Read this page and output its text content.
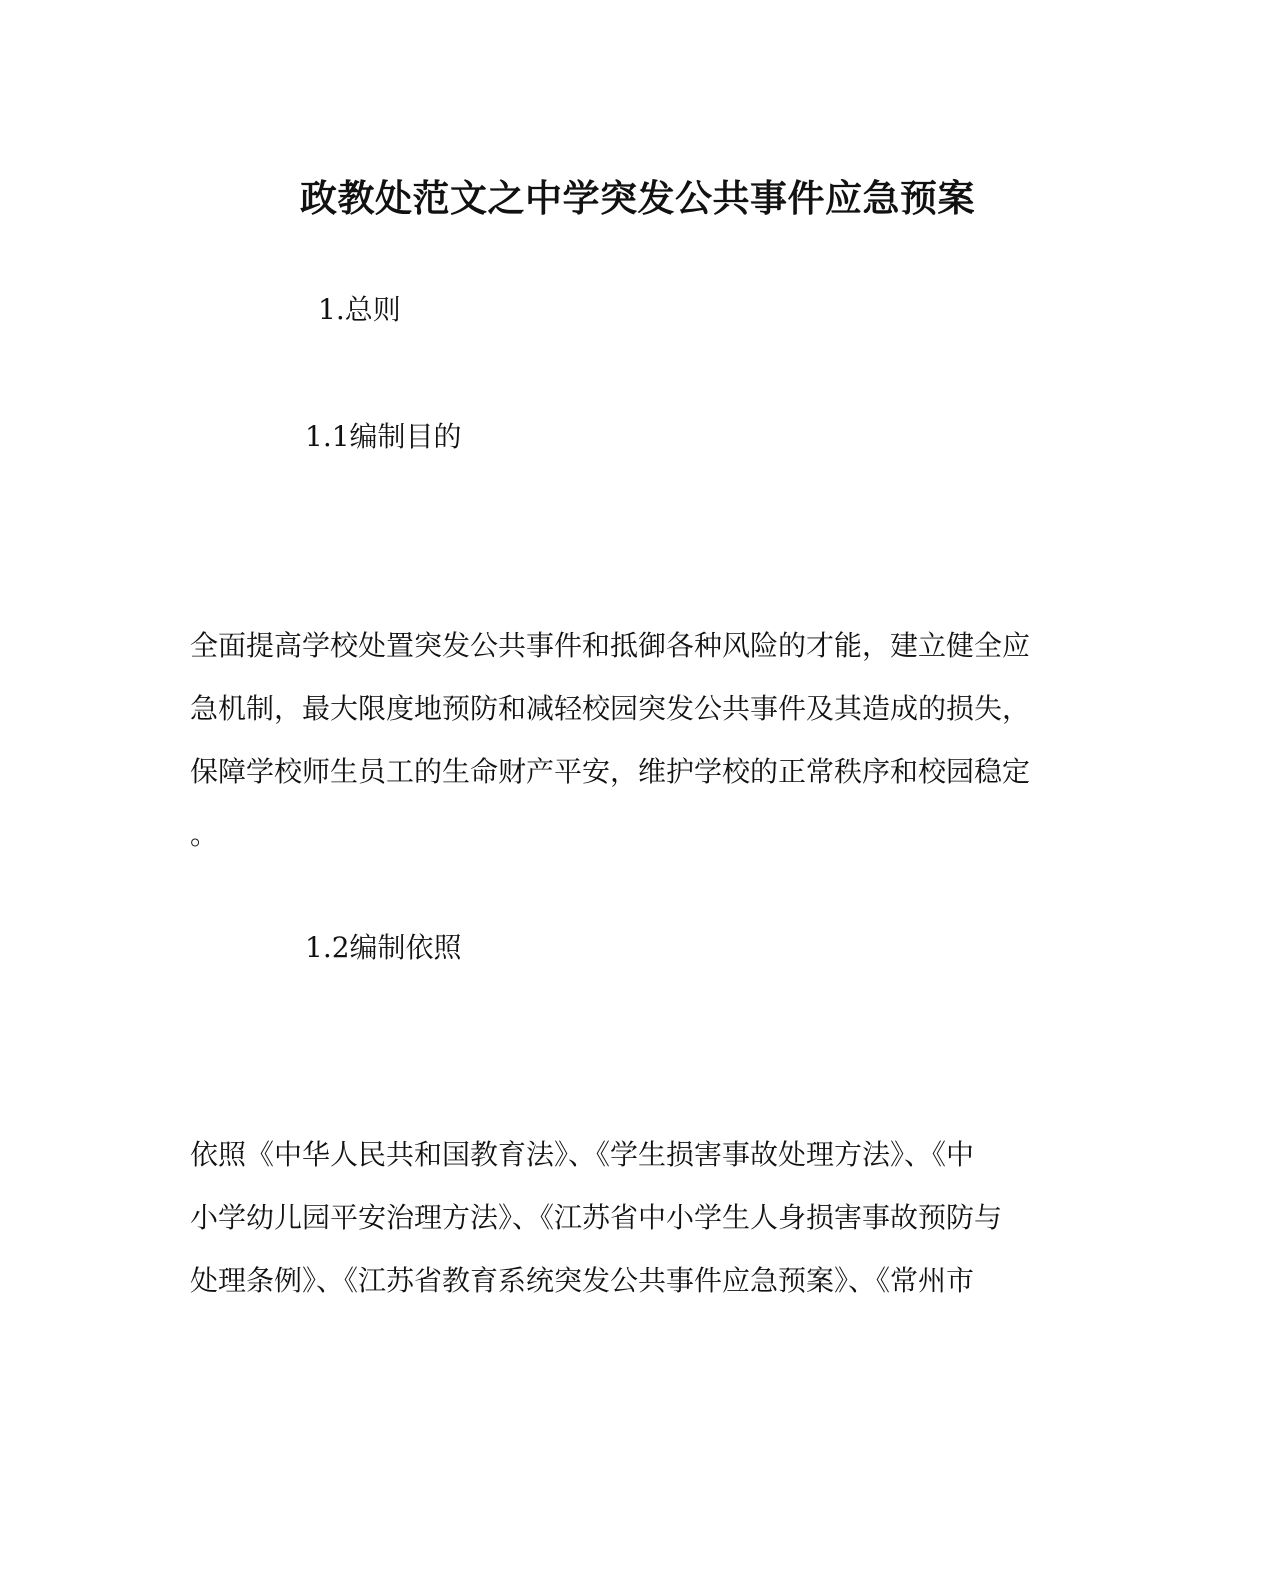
政教处范文之中学突发公共事件应急预案
1.总则
1.1编制目的
全面提高学校处置突发公共事件和抵御各种风险的才能，建立健全应
急机制，最大限度地预防和减轻校园突发公共事件及其造成的损失，
保障学校师生员工的生命财产平安，维护学校的正常秩序和校园稳定
。
1.2编制依照
依照《中华人民共和国教育法》、《学生损害事故处理方法》、《中
小学幼儿园平安治理方法》、《江苏省中小学生人身损害事故预防与
处理条例》、《江苏省教育系统突发公共事件应急预案》、《常州市
